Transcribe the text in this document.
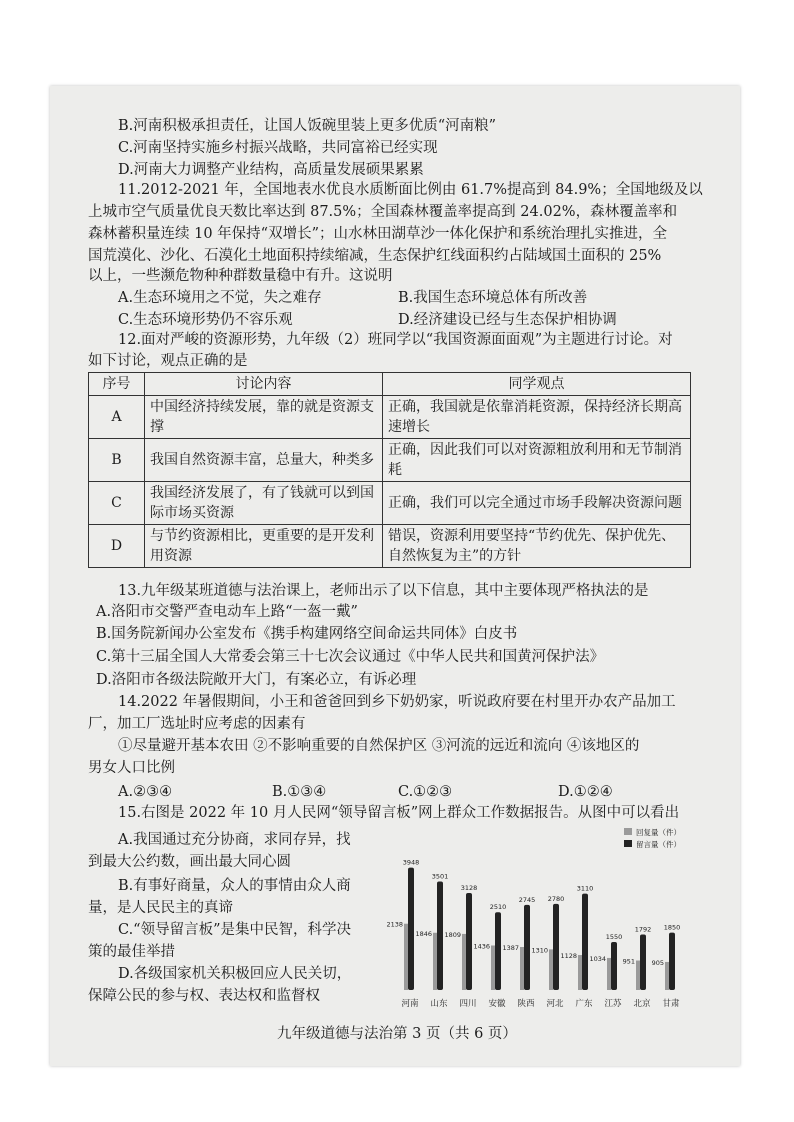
B.河南积极承担责任，让国人饭碗里装上更多优质“河南粮”
C.河南坚持实施乡村振兴战略，共同富裕已经实现
D.河南大力调整产业结构，高质量发展硕果累累
11.2012-2021 年，全国地表水优良水质断面比例由 61.7%提高到 84.9%；全国地级及以
上城市空气质量优良天数比率达到 87.5%；全国森林覆盖率提高到 24.02%，森林覆盖率和
森林蓄积量连续 10 年保持“双增长”；山水林田湖草沙一体化保护和系统治理扎实推进，全
国荒漠化、沙化、石漠化土地面积持续缩减，生态保护红线面积约占陆域国土面积的 25%
以上，一些濒危物种种群数量稳中有升。这说明
A.生态环境用之不觉，失之难存	B.我国生态环境总体有所改善
C.生态环境形势仍不容乐观	D.经济建设已经与生态保护相协调
12.面对严峻的资源形势，九年级（2）班同学以“我国资源面面观”为主题进行讨论。对
如下讨论，观点正确的是
序号	讨论内容	同学观点
A	中国经济持续发展，靠的就是资源支撑	正确，我国就是依靠消耗资源，保持经济长期高速增长
B	我国自然资源丰富，总量大，种类多	正确，因此我们可以对资源粗放利用和无节制消耗
C	我国经济发展了，有了钱就可以到国际市场买资源	正确，我们可以完全通过市场手段解决资源问题
D	与节约资源相比，更重要的是开发利用资源	错误，资源利用要坚持“节约优先、保护优先、自然恢复为主”的方针
13.九年级某班道德与法治课上，老师出示了以下信息，其中主要体现严格执法的是
A.洛阳市交警严查电动车上路“一盔一戴”
B.国务院新闻办公室发布《携手构建网络空间命运共同体》白皮书
C.第十三届全国人大常委会第三十七次会议通过《中华人民共和国黄河保护法》
D.洛阳市各级法院敞开大门，有案必立，有诉必理
14.2022 年暑假期间，小王和爸爸回到乡下奶奶家，听说政府要在村里开办农产品加工
厂，加工厂选址时应考虑的因素有
①尽量避开基本农田 ②不影响重要的自然保护区 ③河流的远近和流向 ④该地区的
男女人口比例
A.②③④	B.①③④	C.①②③	D.①②④
15.右图是 2022 年 10 月人民网“领导留言板”网上群众工作数据报告。从图中可以看出
A.我国通过充分协商，求同存异，找
到最大公约数，画出最大同心圆
B.有事好商量，众人的事情由众人商
量，是人民民主的真谛
C.“领导留言板”是集中民智，科学决
策的最佳举措
D.各级国家机关积极回应人民关切，
保障公民的参与权、表达权和监督权
回复量（件）
留言量（件）
3948
2138
河南
3501
1846
山东
3128
1809
四川
2510
1436
安徽
2745
1387
陕西
2780
1310
河北
3110
1128
广东
1550
1034
江苏
1792
951
北京
1850
905
甘肃
九年级道德与法治第 3 页（共 6 页）
